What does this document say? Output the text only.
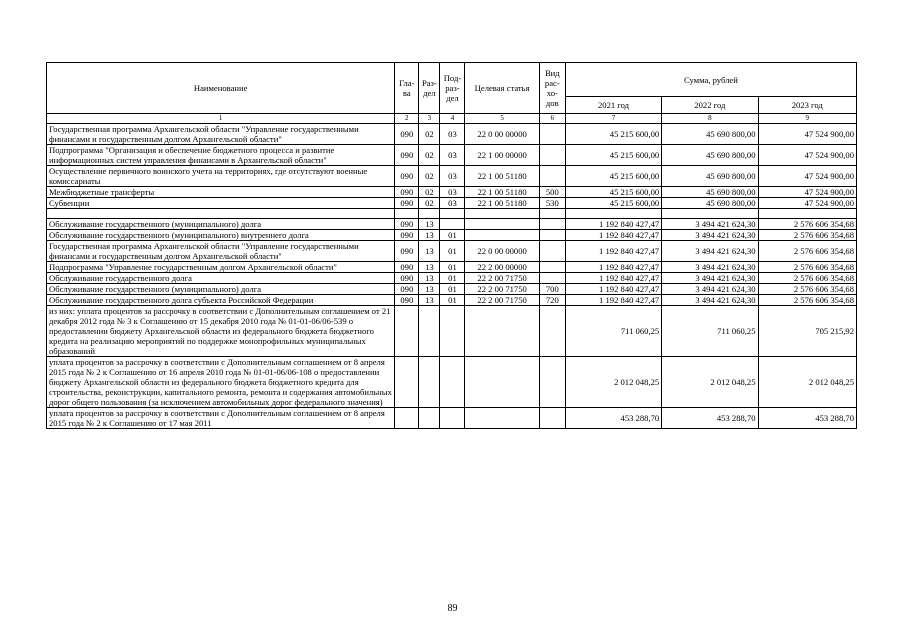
Наименование	Гла-ва	Раз-дел	Под-раз-дел	Целевая статья	Вид рас-хо-дов	Сумма, рублей		
						2021 год	2022 год	2023 год
1	2	3	4	5	6	7	8	9
Государственная программа Архангельской области "Управление государственными финансами и государственным долгом Архангельской области"	090	02	03	22 0 00 00000		45 215 600,00	45 690 800,00	47 524 900,00
Подпрограмма "Организация и обеспечение бюджетного процесса и развитие информационных систем управления финансами в Архангельской области"	090	02	03	22 1 00 00000		45 215 600,00	45 690 800,00	47 524 900,00
Осуществление первичного воинского учета на территориях, где отсутствуют военные комиссариаты	090	02	03	22 1 00 51180		45 215 600,00	45 690 800,00	47 524 900,00
Межбюджетные трансферты	090	02	03	22 1 00 51180	500	45 215 600,00	45 690 800,00	47 524 900,00
Субвенции	090	02	03	22 1 00 51180	530	45 215 600,00	45 690 800,00	47 524 900,00

Обслуживание государственного (муниципального) долга	090	13				1 192 840 427,47	3 494 421 624,30	2 576 606 354,68
Обслуживание государственного (муниципального) внутреннего долга	090	13	01			1 192 840 427,47	3 494 421 624,30	2 576 606 354,68
Государственная программа Архангельской области "Управление государственными финансами и государственным долгом Архангельской области"	090	13	01	22 0 00 00000		1 192 840 427,47	3 494 421 624,30	2 576 606 354,68
Подпрограмма "Управление государственным долгом Архангельской области"	090	13	01	22 2 00 00000		1 192 840 427,47	3 494 421 624,30	2 576 606 354,68
Обслуживание государственного долга	090	13	01	22 2 00 71750		1 192 840 427,47	3 494 421 624,30	2 576 606 354,68
Обслуживание государственного (муниципального) долга	090	13	01	22 2 00 71750	700	1 192 840 427,47	3 494 421 624,30	2 576 606 354,68
Обслуживание государственного долга субъекта Российской Федерации	090	13	01	22 2 00 71750	720	1 192 840 427,47	3 494 421 624,30	2 576 606 354,68
из них: уплата процентов за рассрочку в соответствии с Дополнительным соглашением от 21 декабря 2012 года № 3 к Соглашению от 15 декабря 2010 года № 01-01-06/06-539 о предоставлении бюджету Архангельской области из федерального бюджета бюджетного кредита на реализацию мероприятий по поддержке монопрофильных муниципальных образований						711 060,25	711 060,25	705 215,92
уплата процентов за рассрочку в соответствии с Дополнительным соглашением от 8 апреля 2015 года № 2 к Соглашению от 16 апреля 2010 года № 01-01-06/06-108 о предоставлении бюджету Архангельской области из федерального бюджета бюджетного кредита для строительства, реконструкции, капитального ремонта, ремонта и содержания автомобильных дорог общего пользования (за исключением автомобильных дорог федерального значения)						2 012 048,25	2 012 048,25	2 012 048,25
уплата процентов за рассрочку в соответствии с Дополнительным соглашением от 8 апреля 2015 года № 2 к Соглашению от 17 мая 2011						453 288,70	453 288,70	453 288,70
89
